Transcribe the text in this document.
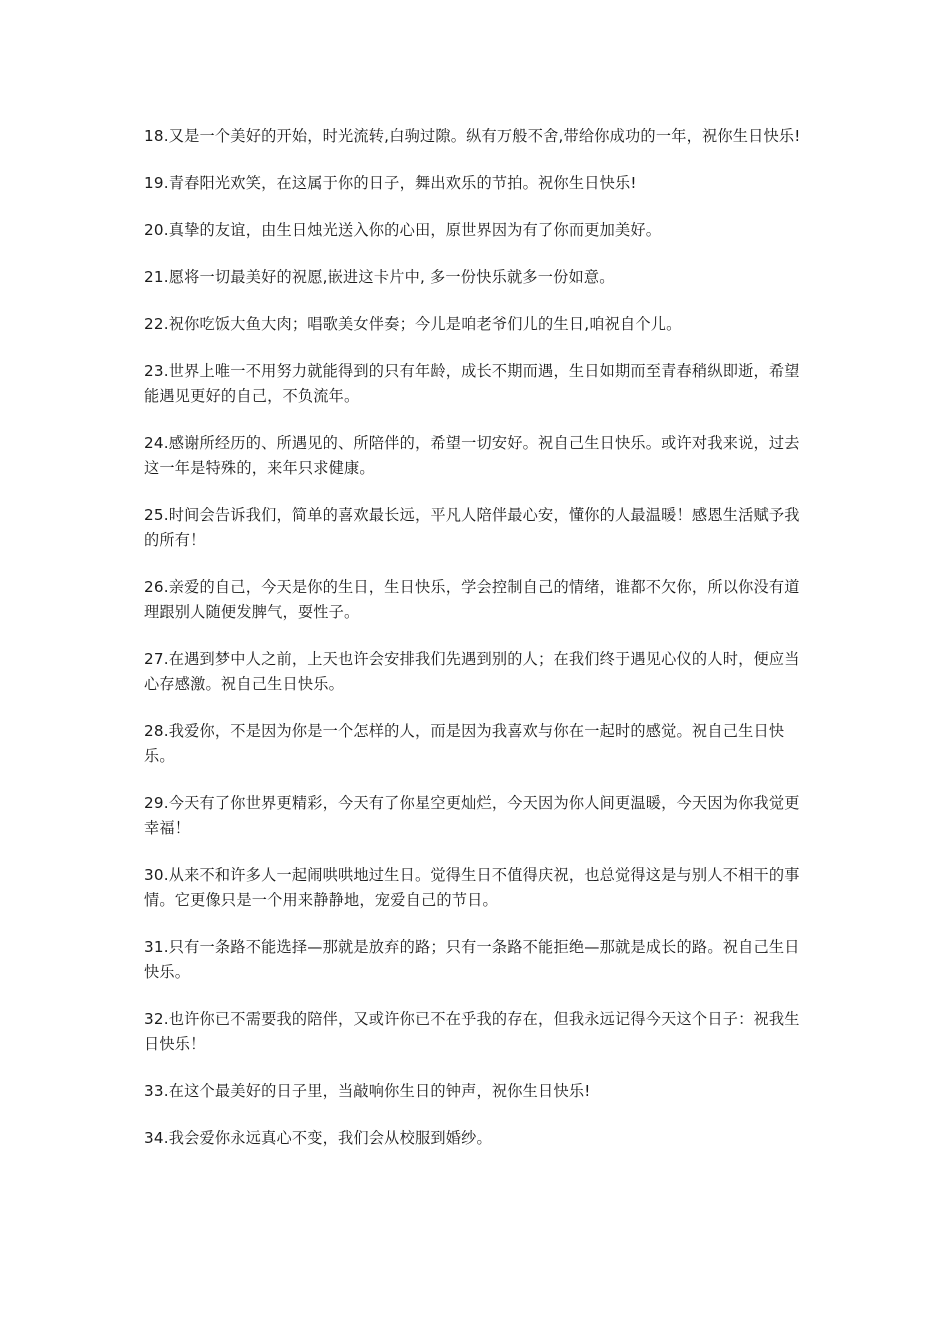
18.又是一个美好的开始，时光流转,白驹过隙。纵有万般不舍,带给你成功的一年，祝你生日快乐!

19.青春阳光欢笑，在这属于你的日子，舞出欢乐的节拍。祝你生日快乐!

20.真挚的友谊，由生日烛光送入你的心田，原世界因为有了你而更加美好。

21.愿将一切最美好的祝愿,嵌进这卡片中, 多一份快乐就多一份如意。

22.祝你吃饭大鱼大肉；唱歌美女伴奏；今儿是咱老爷们儿的生日,咱祝自个儿。

23.世界上唯一不用努力就能得到的只有年龄，成长不期而遇，生日如期而至青春稍纵即逝，希望能遇见更好的自己，不负流年。

24.感谢所经历的、所遇见的、所陪伴的，希望一切安好。祝自己生日快乐。或许对我来说，过去这一年是特殊的，来年只求健康。

25.时间会告诉我们，简单的喜欢最长远，平凡人陪伴最心安，懂你的人最温暖！感恩生活赋予我的所有！

26.亲爱的自己，今天是你的生日，生日快乐，学会控制自己的情绪，谁都不欠你，所以你没有道理跟别人随便发脾气，耍性子。

27.在遇到梦中人之前，上天也许会安排我们先遇到别的人；在我们终于遇见心仪的人时，便应当心存感激。祝自己生日快乐。

28.我爱你，不是因为你是一个怎样的人，而是因为我喜欢与你在一起时的感觉。祝自己生日快乐。

29.今天有了你世界更精彩，今天有了你星空更灿烂，今天因为你人间更温暖，今天因为你我觉更幸福！

30.从来不和许多人一起闹哄哄地过生日。觉得生日不值得庆祝，也总觉得这是与别人不相干的事情。它更像只是一个用来静静地，宠爱自己的节日。

31.只有一条路不能选择—那就是放弃的路；只有一条路不能拒绝—那就是成长的路。祝自己生日快乐。

32.也许你已不需要我的陪伴，又或许你已不在乎我的存在，但我永远记得今天这个日子：祝我生日快乐！

33.在这个最美好的日子里，当敲响你生日的钟声，祝你生日快乐!

34.我会爱你永远真心不变，我们会从校服到婚纱。
